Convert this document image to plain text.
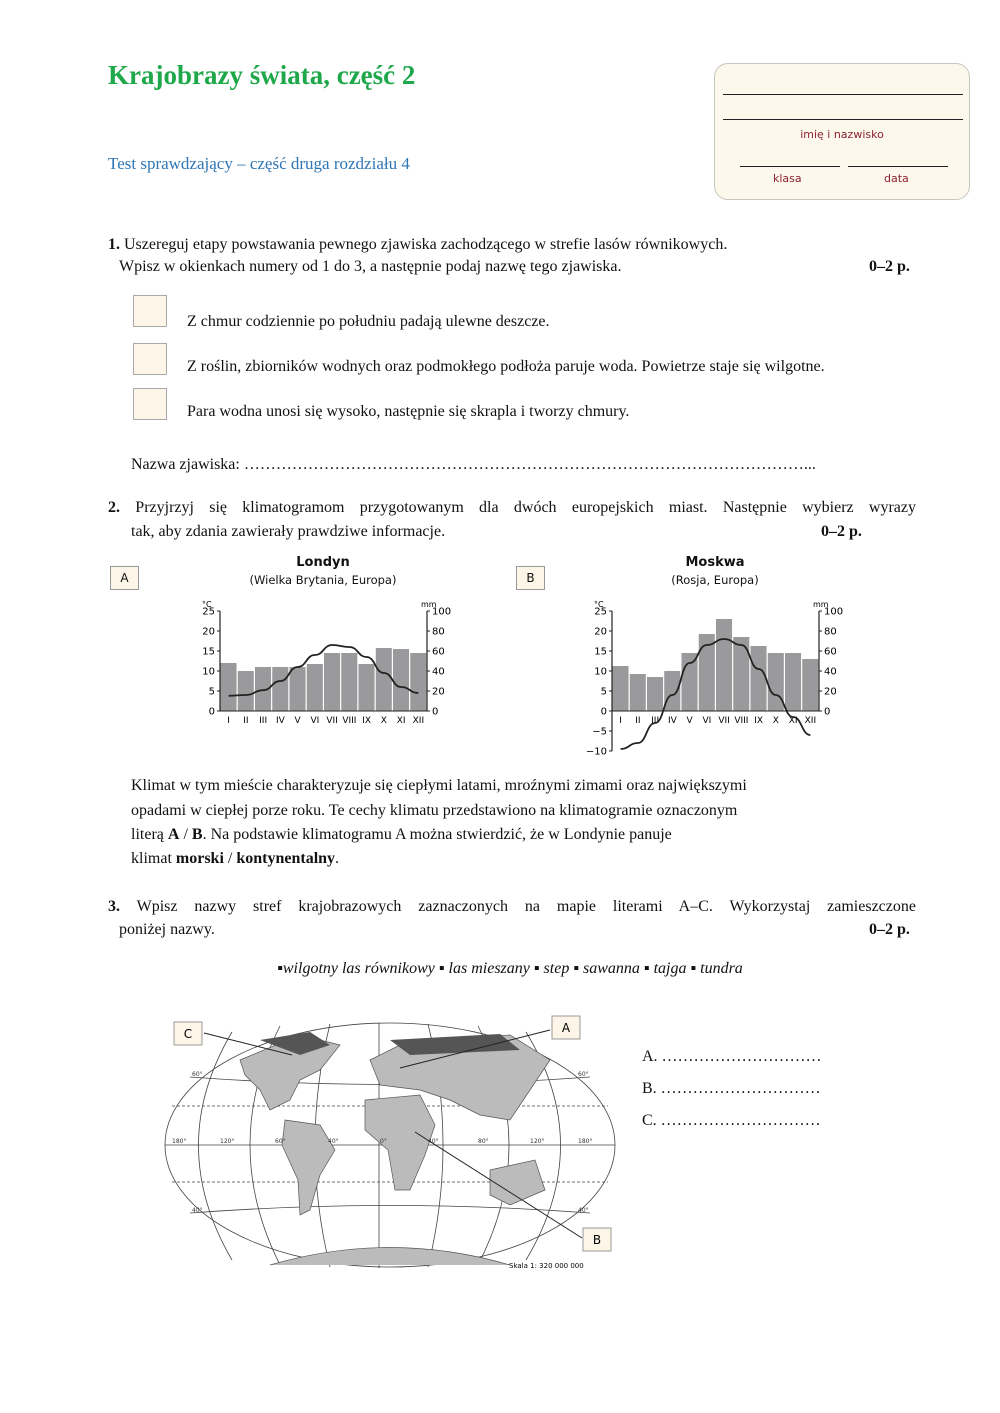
Krajobrazy świata, część 2
Test sprawdzający – część druga rozdziału 4
imię i nazwisko
klasa	data
1. Uszereguj etapy powstawania pewnego zjawiska zachodzącego w strefie lasów równikowych.
Wpisz w okienkach numery od 1 do 3, a następnie podaj nazwę tego zjawiska.	0–2 p.
Z chmur codziennie po południu padają ulewne deszcze.
Z roślin, zbiorników wodnych oraz podmokłego podłoża paruje woda. Powietrze staje się wilgotne.
Para wodna unosi się wysoko, następnie się skrapla i tworzy chmury.
Nazwa zjawiska: ……………………………………………………………………………………………...
2. Przyjrzyj się klimatogramom przygotowanym dla dwóch europejskich miast. Następnie wybierz wyrazy
tak, aby zdania zawierały prawdziwe informacje.	0–2 p.
A
Londyn
(Wielka Brytania, Europa)
°C	mm
0
5
10
15
20
25
0
20
40
60
80
100
I II III IV V VI VII VIII IX X XI XII
B
Moskwa
(Rosja, Europa)
°C	mm
−10
−5
0
5
10
15
20
25
0
20
40
60
80
100
I II III IV V VI VII VIII IX X XI XII
Klimat w tym mieście charakteryzuje się ciepłymi latami, mroźnymi zimami oraz największymi
opadami w ciepłej porze roku. Te cechy klimatu przedstawiono na klimatogramie oznaczonym
literą A / B. Na podstawie klimatogramu A można stwierdzić, że w Londynie panuje
klimat morski / kontynentalny.
3. Wpisz nazwy stref krajobrazowych zaznaczonych na mapie literami A–C. Wykorzystaj zamieszczone
poniżej nazwy.	0–2 p.
▪wilgotny las równikowy ▪ las mieszany ▪ step ▪ sawanna ▪ tajga ▪ tundra
180°	120°	60°	40°	0°	40°	80°	120°	180°
60°
40°
60°
40°
C	A
B
Skala 1: 320 000 000
A. …………………………
B. …………………………
C. …………………………
